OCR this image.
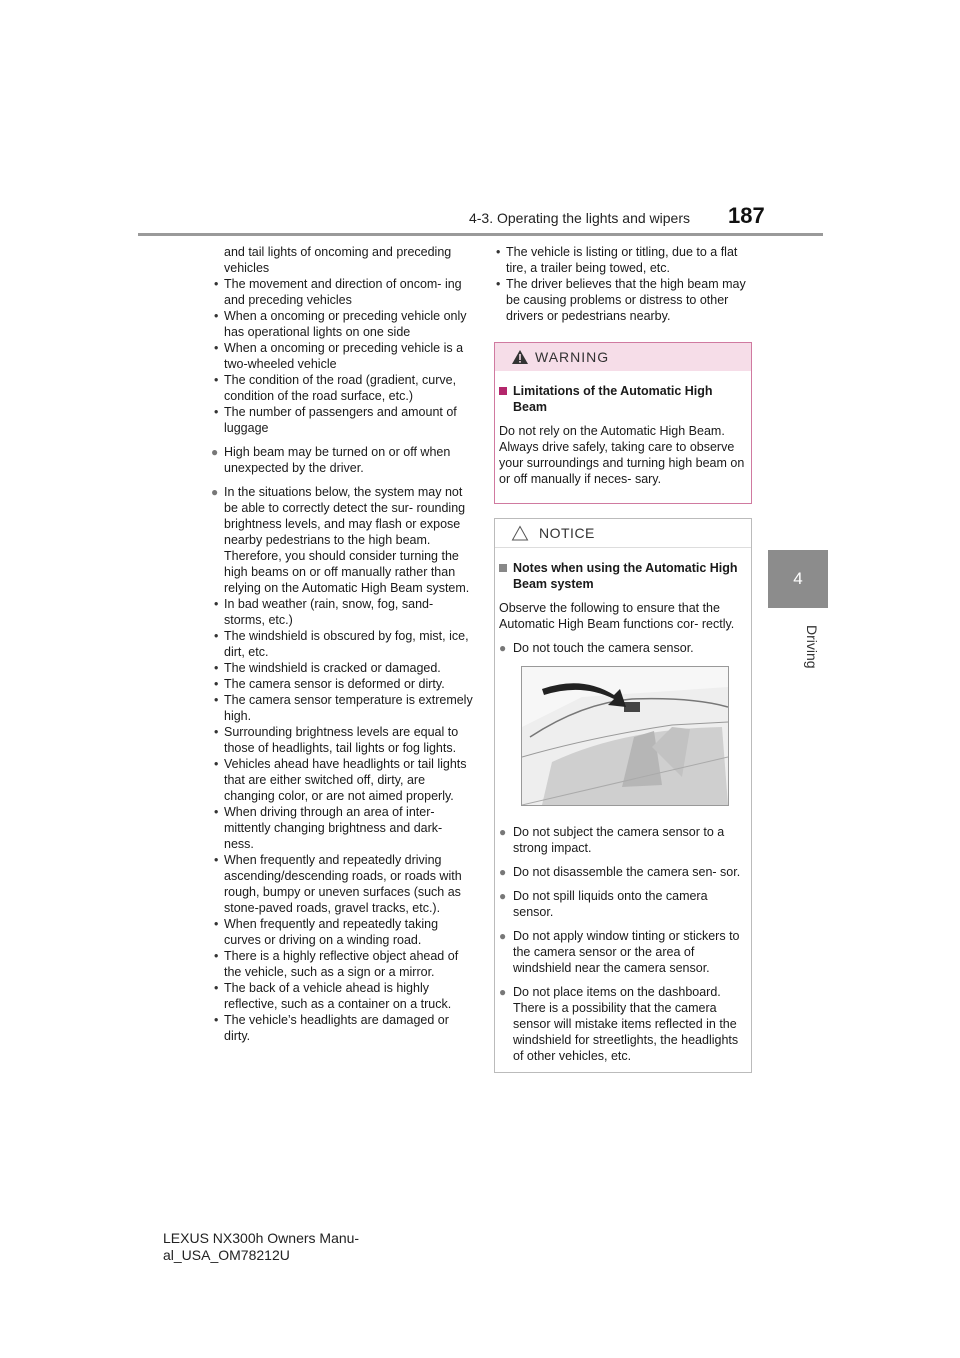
4-3. Operating the lights and wipers 187
4
Driving

and tail lights of oncoming and preceding vehicles

• The movement and direction of oncom- ing and preceding vehicles

• When a oncoming or preceding vehicle only has operational lights on one side

• When a oncoming or preceding vehicle is a two-wheeled vehicle

• The condition of the road (gradient, curve, condition of the road surface, etc.)

• The number of passengers and amount of luggage

● High beam may be turned on or off when unexpected by the driver.

● In the situations below, the system may not be able to correctly detect the sur- rounding brightness levels, and may flash or expose nearby pedestrians to the high beam. Therefore, you should consider turning the high beams on or off manually rather than relying on the Automatic High Beam system.

• In bad weather (rain, snow, fog, sand- storms, etc.)

• The windshield is obscured by fog, mist, ice, dirt, etc.

• The windshield is cracked or damaged.

• The camera sensor is deformed or dirty.

• The camera sensor temperature is extremely high.

• Surrounding brightness levels are equal to those of headlights, tail lights or fog lights.

• Vehicles ahead have headlights or tail lights that are either switched off, dirty, are changing color, or are not aimed properly.

• When driving through an area of inter- mittently changing brightness and dark- ness.

• When frequently and repeatedly driving ascending/descending roads, or roads with rough, bumpy or uneven surfaces (such as stone-paved roads, gravel tracks, etc.).

• When frequently and repeatedly taking curves or driving on a winding road.

• There is a highly reflective object ahead of the vehicle, such as a sign or a mirror.

• The back of a vehicle ahead is highly reflective, such as a container on a truck.

• The vehicle’s headlights are damaged or dirty.

• The vehicle is listing or titling, due to a flat tire, a trailer being towed, etc.

• The driver believes that the high beam may be causing problems or distress to other drivers or pedestrians nearby.

WARNING
Limitations of the Automatic High Beam

Do not rely on the Automatic High Beam. Always drive safely, taking care to observe your surroundings and turning high beam on or off manually if neces- sary.

NOTICE
Notes when using the Automatic High Beam system

Observe the following to ensure that the Automatic High Beam functions cor- rectly.

● Do not touch the camera sensor.

● Do not subject the camera sensor to a strong impact.

● Do not disassemble the camera sen- sor.

● Do not spill liquids onto the camera sensor.

● Do not apply window tinting or stickers to the camera sensor or the area of windshield near the camera sensor.

● Do not place items on the dashboard. There is a possibility that the camera sensor will mistake items reflected in the windshield for streetlights, the headlights of other vehicles, etc.

LEXUS NX300h Owners Manu-
al_USA_OM78212U
